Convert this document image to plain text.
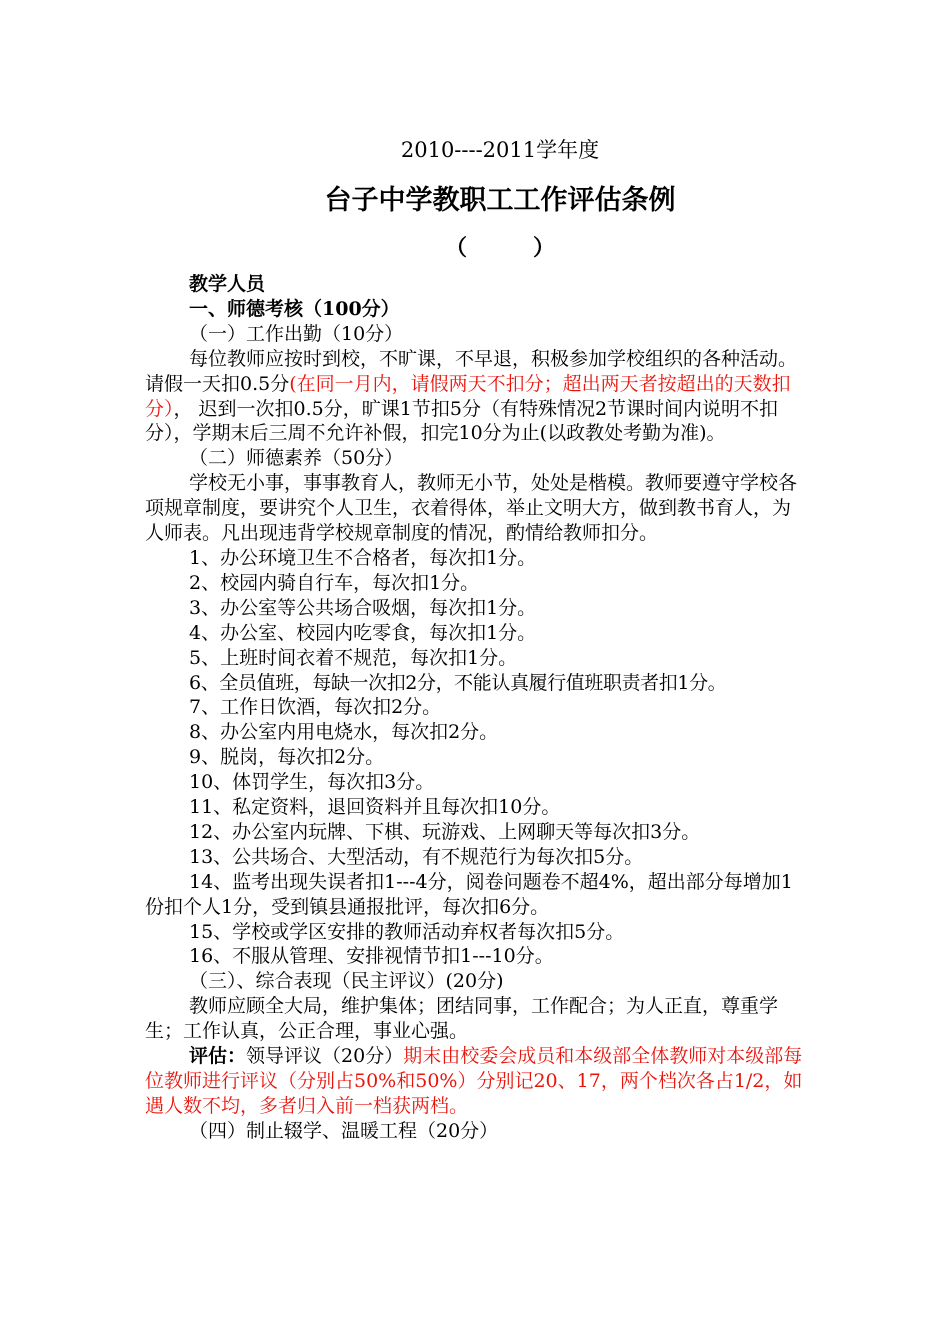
2010----2011学年度
台子中学教职工工作评估条例
（　　　）

教学人员

一、师德考核（100分）

（一）工作出勤（10分）

每位教师应按时到校，不旷课，不早退，积极参加学校组织的各种活动。请假一天扣0.5分(在同一月内，请假两天不扣分；超出两天者按超出的天数扣分）， 迟到一次扣0.5分，旷课1节扣5分（有特殊情况2节课时间内说明不扣分），学期末后三周不允许补假，扣完10分为止(以政教处考勤为准)。

（二）师德素养（50分）

学校无小事，事事教育人，教师无小节，处处是楷模。教师要遵守学校各项规章制度，要讲究个人卫生，衣着得体，举止文明大方，做到教书育人，为人师表。凡出现违背学校规章制度的情况，酌情给教师扣分。

1、办公环境卫生不合格者，每次扣1分。

2、校园内骑自行车，每次扣1分。

3、办公室等公共场合吸烟，每次扣1分。

4、办公室、校园内吃零食，每次扣1分。

5、上班时间衣着不规范，每次扣1分。

6、全员值班，每缺一次扣2分，不能认真履行值班职责者扣1分。

7、工作日饮酒，每次扣2分。

8、办公室内用电烧水，每次扣2分。

9、脱岗，每次扣2分。

10、体罚学生，每次扣3分。

11、私定资料，退回资料并且每次扣10分。

12、办公室内玩牌、下棋、玩游戏、上网聊天等每次扣3分。

13、公共场合、大型活动，有不规范行为每次扣5分。

14、监考出现失误者扣1---4分，阅卷问题卷不超4%，超出部分每增加1份扣个人1分，受到镇县通报批评，每次扣6分。

15、学校或学区安排的教师活动弃权者每次扣5分。

16、不服从管理、安排视情节扣1---10分。

（三）、综合表现（民主评议）(20分)

教师应顾全大局，维护集体；团结同事，工作配合；为人正直，尊重学生；工作认真，公正合理，事业心强。

评估：领导评议（20分）期末由校委会成员和本级部全体教师对本级部每位教师进行评议（分别占50%和50%）分别记20、17，两个档次各占1/2，如遇人数不均，多者归入前一档获两档。

（四）制止辍学、温暖工程（20分）
